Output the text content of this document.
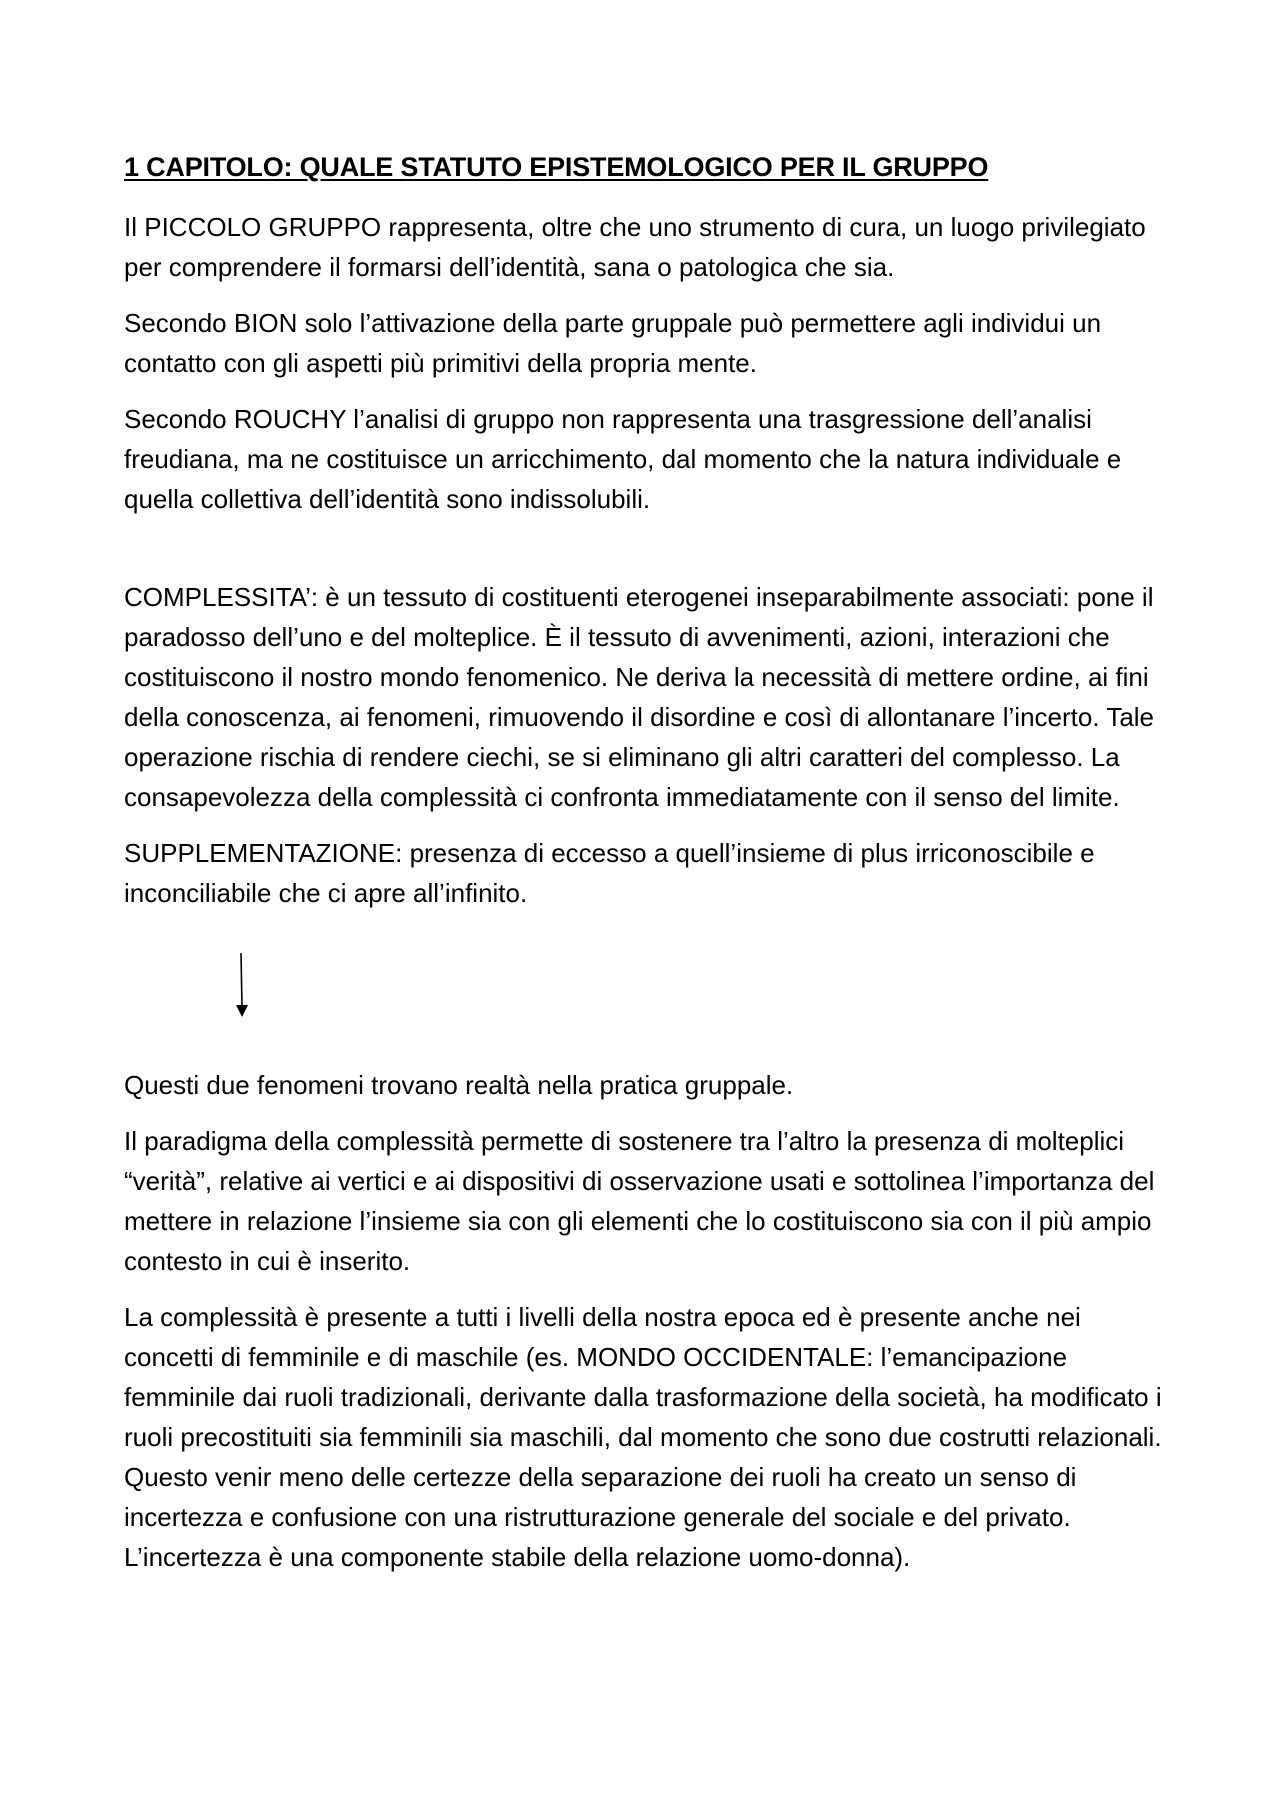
1 CAPITOLO: QUALE STATUTO EPISTEMOLOGICO PER IL GRUPPO

Il PICCOLO GRUPPO rappresenta, oltre che uno strumento di cura, un luogo privilegiato per comprendere il formarsi dell’identità, sana o patologica che sia.

Secondo BION solo l’attivazione della parte gruppale può permettere agli individui un contatto con gli aspetti più primitivi della propria mente.

Secondo ROUCHY l’analisi di gruppo non rappresenta una trasgressione dell’analisi freudiana, ma ne costituisce un arricchimento, dal momento che la natura individuale e quella collettiva dell’identità sono indissolubili.

COMPLESSITA’: è un tessuto di costituenti eterogenei inseparabilmente associati: pone il paradosso dell’uno e del molteplice. È il tessuto di avvenimenti, azioni, interazioni che costituiscono il nostro mondo fenomenico. Ne deriva la necessità di mettere ordine, ai fini della conoscenza, ai fenomeni, rimuovendo il disordine e così di allontanare l’incerto. Tale operazione rischia di rendere ciechi, se si eliminano gli altri caratteri del complesso. La consapevolezza della complessità ci confronta immediatamente con il senso del limite.

SUPPLEMENTAZIONE: presenza di eccesso a quell’insieme di plus irriconoscibile e inconciliabile che ci apre all’infinito.

Questi due fenomeni trovano realtà nella pratica gruppale.

Il paradigma della complessità permette di sostenere tra l’altro la presenza di molteplici “verità”, relative ai vertici e ai dispositivi di osservazione usati e sottolinea l’importanza del mettere in relazione l’insieme sia con gli elementi che lo costituiscono sia con il più ampio contesto in cui è inserito.

La complessità è presente a tutti i livelli della nostra epoca ed è presente anche nei concetti di femminile e di maschile (es. MONDO OCCIDENTALE: l’emancipazione femminile dai ruoli tradizionali, derivante dalla trasformazione della società, ha modificato i ruoli precostituiti sia femminili sia maschili, dal momento che sono due costrutti relazionali. Questo venir meno delle certezze della separazione dei ruoli ha creato un senso di incertezza e confusione con una ristrutturazione generale del sociale e del privato. L’incertezza è una componente stabile della relazione uomo-donna).
